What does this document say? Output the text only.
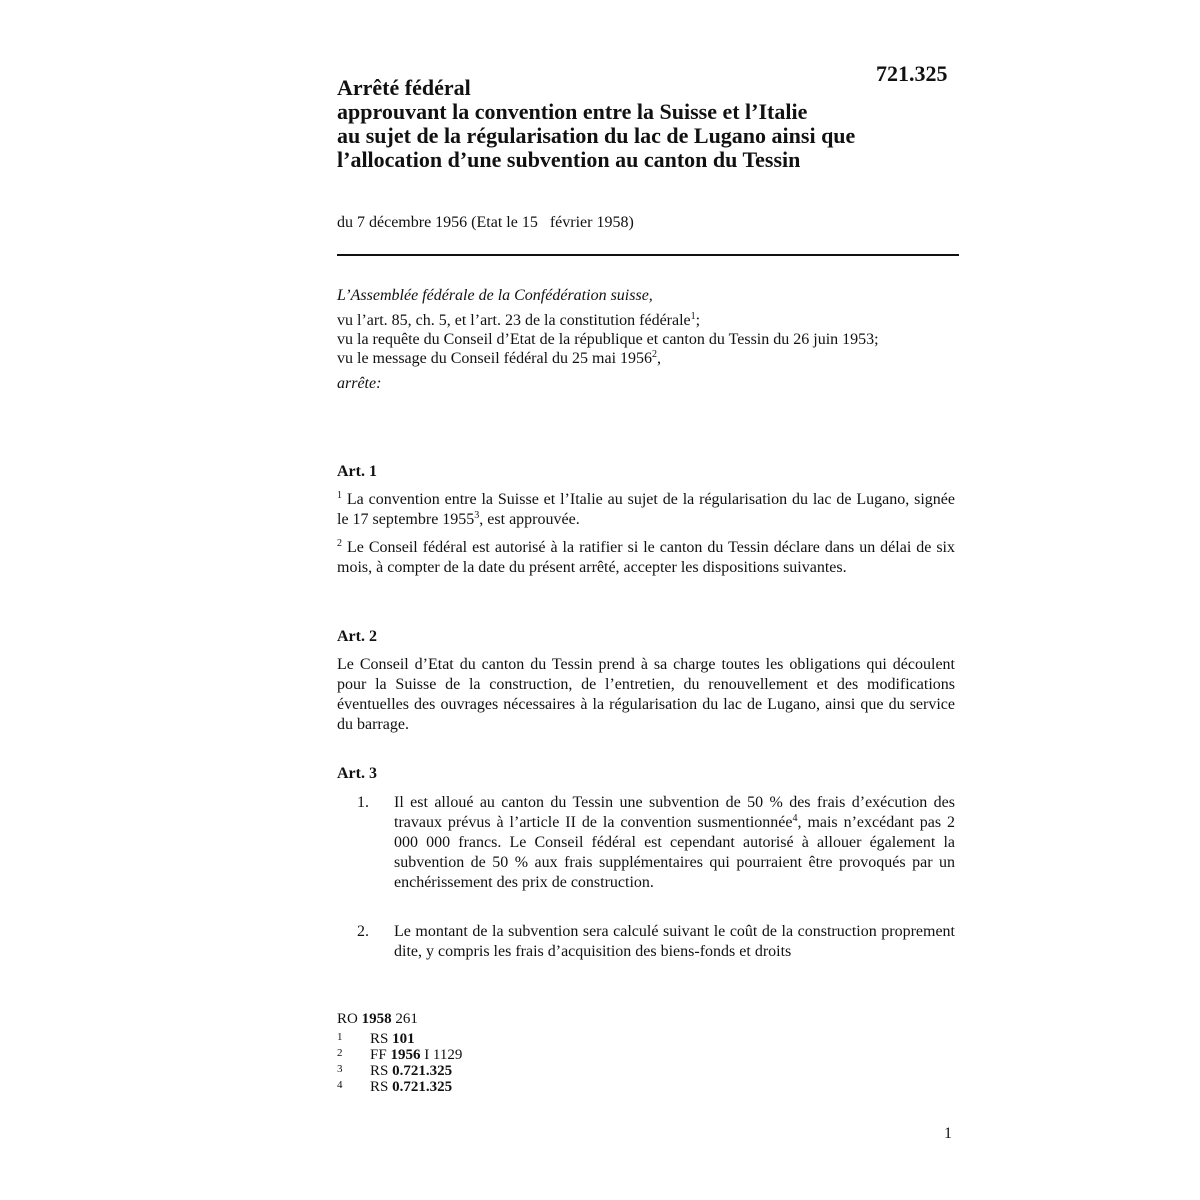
721.325
Arrêté fédéral
approuvant la convention entre la Suisse et l’Italie
au sujet de la régularisation du lac de Lugano ainsi que
l’allocation d’une subvention au canton du Tessin
du 7 décembre 1956 (Etat le 15   février 1958)
L’Assemblée fédérale de la Confédération suisse,
vu l’art. 85, ch. 5, et l’art. 23 de la constitution fédérale$^1$;
vu la requête du Conseil d’Etat de la république et canton du Tessin du 26 juin 1953;
vu le message du Conseil fédéral du 25 mai 1956$^2$,
arrête:
Art. 1
$^1$ La convention entre la Suisse et l’Italie au sujet de la régularisation du lac de Lugano, signée le 17 septembre 1955$^3$, est approuvée.
$^2$ Le Conseil fédéral est autorisé à la ratifier si le canton du Tessin déclare dans un délai de six mois, à compter de la date du présent arrêté, accepter les dispositions suivantes.
Art. 2
Le Conseil d’Etat du canton du Tessin prend à sa charge toutes les obligations qui découlent pour la Suisse de la construction, de l’entretien, du renouvellement et des modifications éventuelles des ouvrages nécessaires à la régularisation du lac de Lugano, ainsi que du service du barrage.
Art. 3
1.	Il est alloué au canton du Tessin une subvention de 50 % des frais d’exécution des travaux prévus à l’article II de la convention susmentionnée$^4$, mais n’excédant pas 2 000 000 francs. Le Conseil fédéral est cependant autorisé à allouer également la subvention de 50 % aux frais supplémentaires qui pourraient être provoqués par un enchérissement des prix de construction.
2.	Le montant de la subvention sera calculé suivant le coût de la construction proprement dite, y compris les frais d’acquisition des biens-fonds et droits
RO 1958 261
1 RS 101
2 FF 1956 I 1129
3 RS 0.721.325
4 RS 0.721.325
1
